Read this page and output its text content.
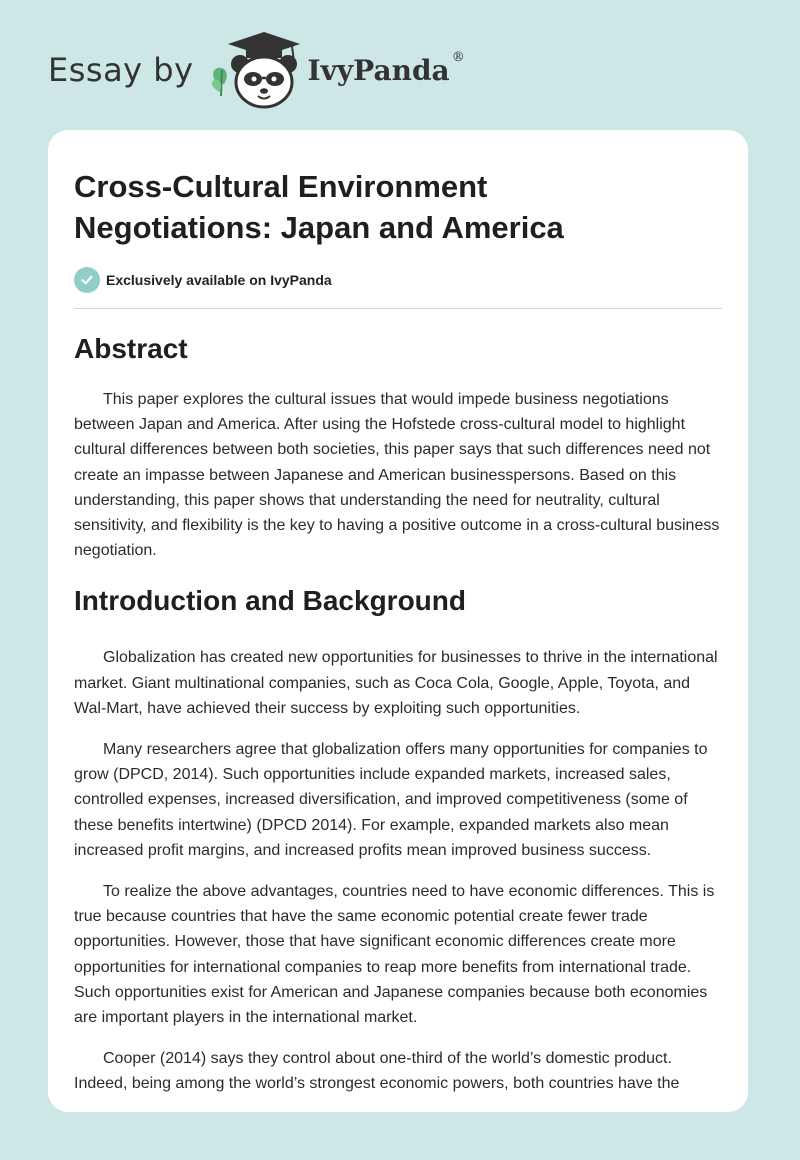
Essay by	IvyPanda ®
Cross-Cultural Environment
Negotiations: Japan and America
Exclusively available on IvyPanda
Abstract

This paper explores the cultural issues that would impede business negotiations between Japan and America. After using the Hofstede cross-cultural model to highlight cultural differences between both societies, this paper says that such differences need not create an impasse between Japanese and American businesspersons. Based on this understanding, this paper shows that understanding the need for neutrality, cultural sensitivity, and flexibility is the key to having a positive outcome in a cross-cultural business negotiation.

Introduction and Background

Globalization has created new opportunities for businesses to thrive in the international market. Giant multinational companies, such as Coca Cola, Google, Apple, Toyota, and Wal-Mart, have achieved their success by exploiting such opportunities.

Many researchers agree that globalization offers many opportunities for companies to grow (DPCD, 2014). Such opportunities include expanded markets, increased sales, controlled expenses, increased diversification, and improved competitiveness (some of these benefits intertwine) (DPCD 2014). For example, expanded markets also mean increased profit margins, and increased profits mean improved business success.

To realize the above advantages, countries need to have economic differences. This is true because countries that have the same economic potential create fewer trade opportunities. However, those that have significant economic differences create more opportunities for international companies to reap more benefits from international trade. Such opportunities exist for American and Japanese companies because both economies are important players in the international market.

Cooper (2014) says they control about one-third of the world’s domestic product. Indeed, being among the world’s strongest economic powers, both countries have the
